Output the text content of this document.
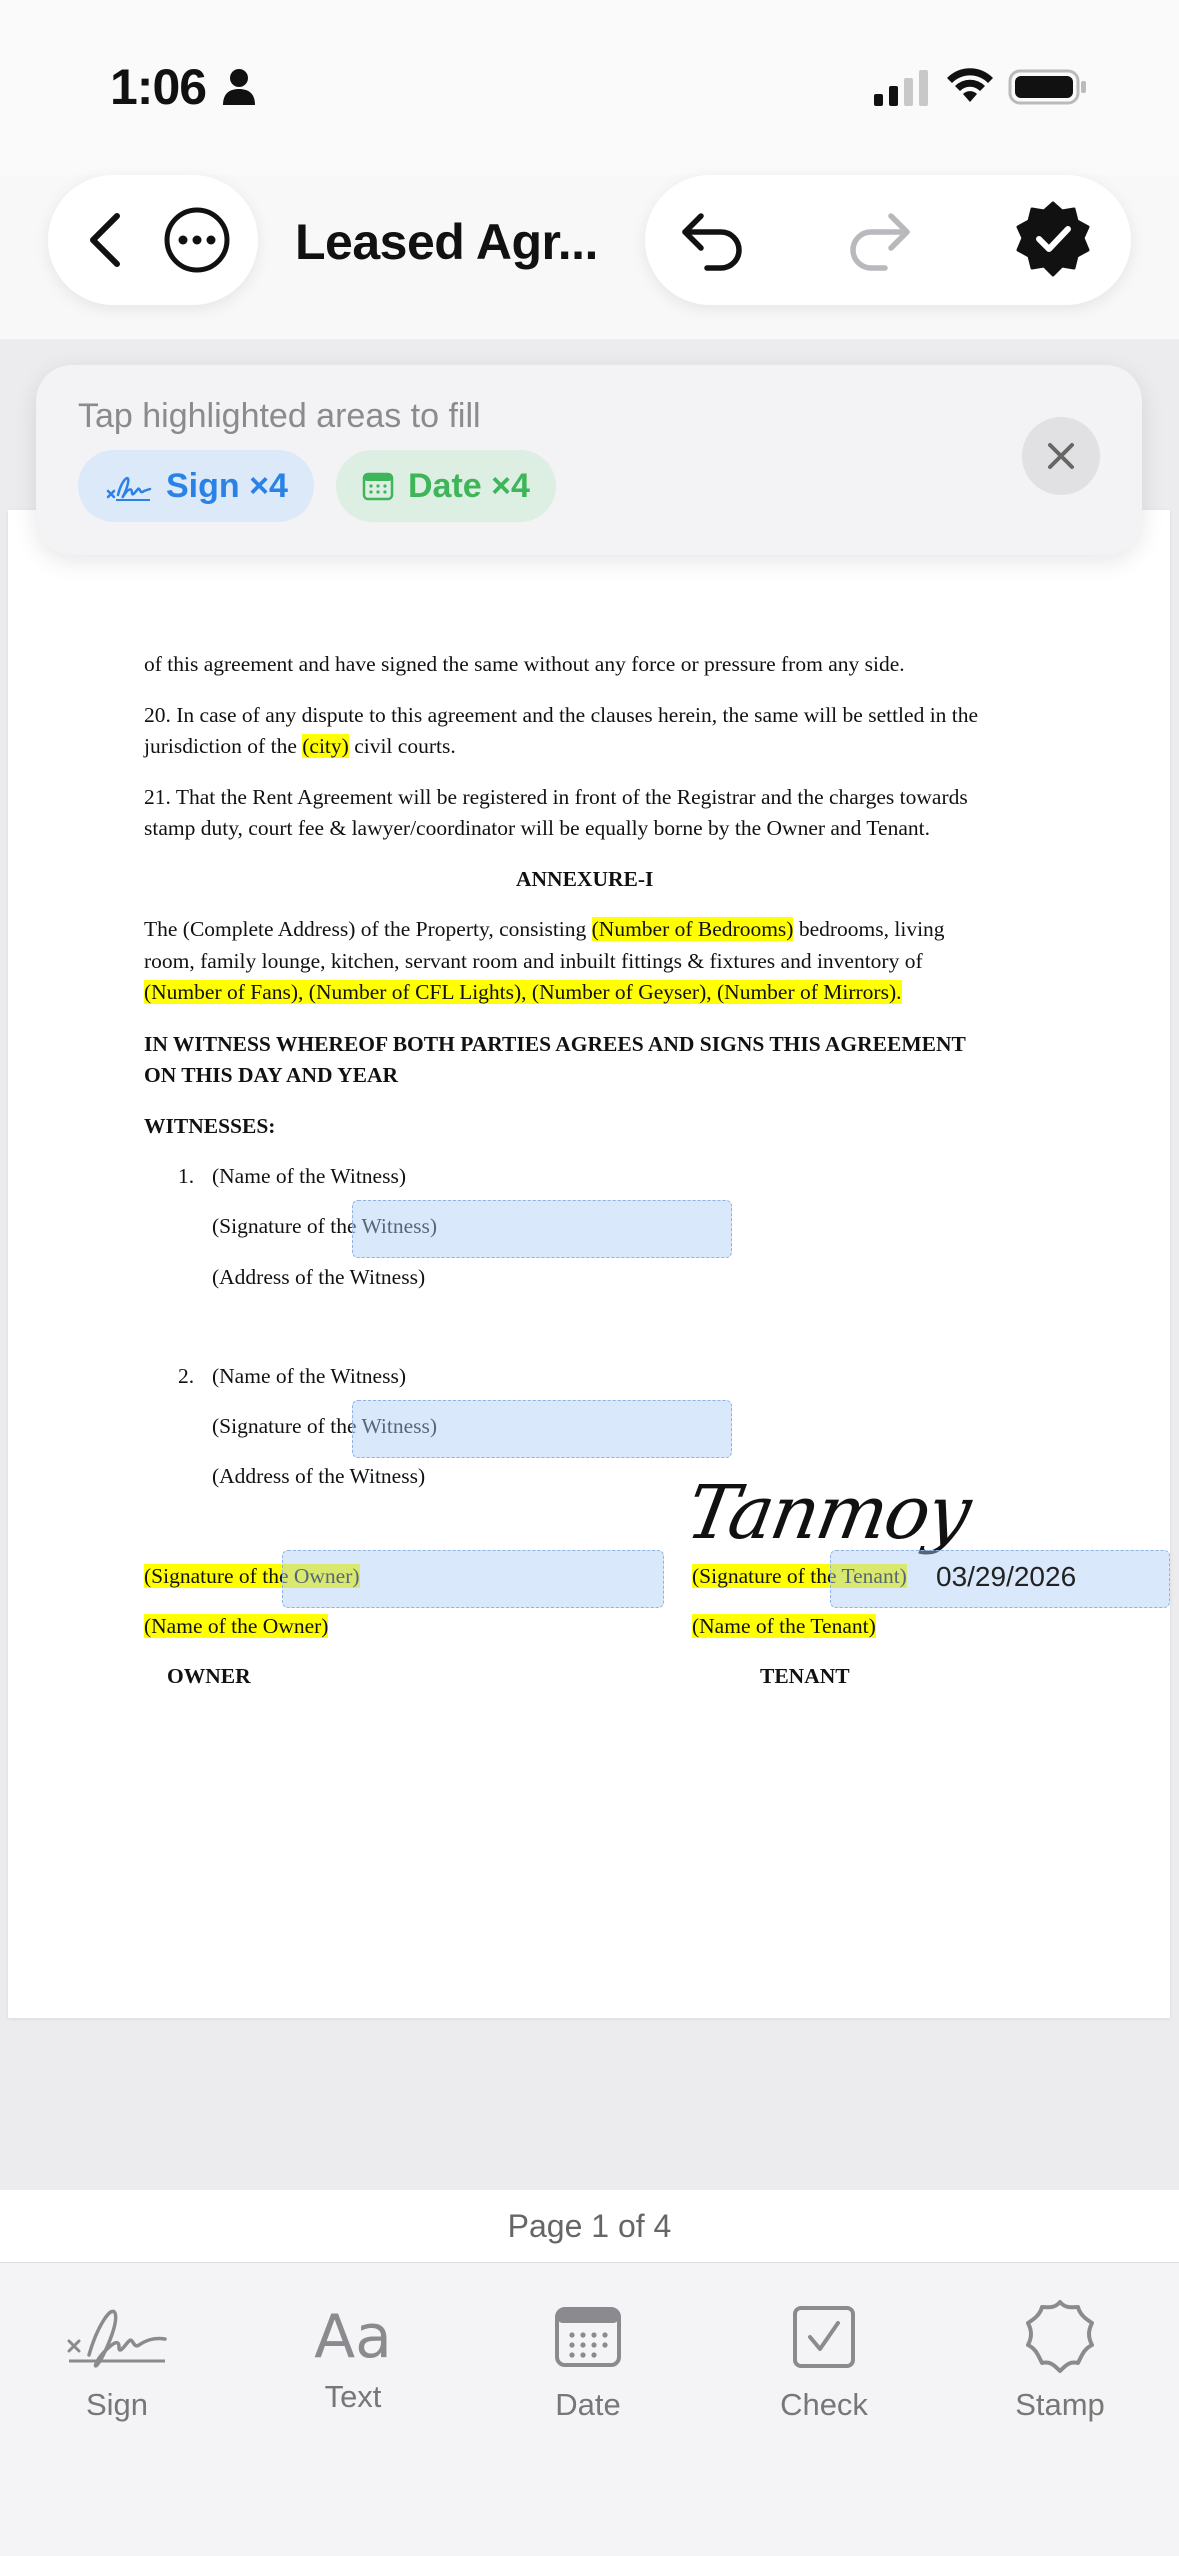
1:06
Leased Agr...
Tap highlighted areas to fill
Sign ×4	Date ×4
of this agreement and have signed the same without any force or pressure from any side.
20. In case of any dispute to this agreement and the clauses herein, the same will be settled in the
jurisdiction of the (city) civil courts.
21. That the Rent Agreement will be registered in front of the Registrar and the charges towards
stamp duty, court fee & lawyer/coordinator will be equally borne by the Owner and Tenant.
ANNEXURE-I
The (Complete Address) of the Property, consisting (Number of Bedrooms) bedrooms, living
room, family lounge, kitchen, servant room and inbuilt fittings & fixtures and inventory of
(Number of Fans), (Number of CFL Lights), (Number of Geyser), (Number of Mirrors).
IN WITNESS WHEREOF BOTH PARTIES AGREES AND SIGNS THIS AGREEMENT
ON THIS DAY AND YEAR
WITNESSES:
1. (Name of the Witness)
(Signature of the Witness)
(Address of the Witness)
2. (Name of the Witness)
(Signature of the Witness)
(Address of the Witness)
(Signature of the Owner)
(Name of the Owner)
OWNER
Tanmoy
(Signature of the Tenant) 03/29/2026
(Name of the Tenant)
TENANT
Page 1 of 4
Sign
Aa
Text	Date	Check	Stamp
